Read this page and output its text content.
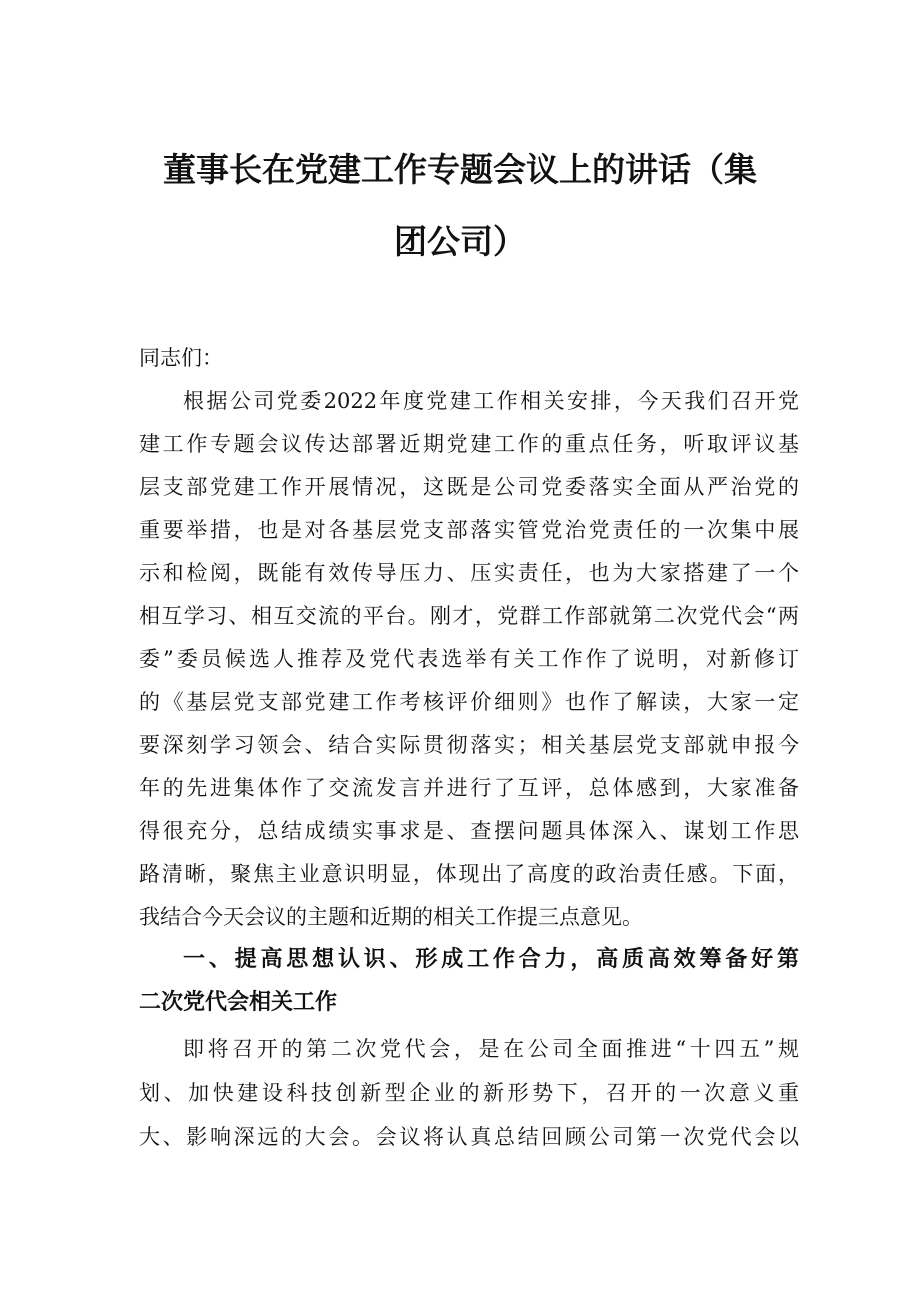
董事长在党建工作专题会议上的讲话（集
团公司）
同志们：
根据公司党委2022年度党建工作相关安排，今天我们召开党
建工作专题会议传达部署近期党建工作的重点任务，听取评议基
层支部党建工作开展情况，这既是公司党委落实全面从严治党的
重要举措，也是对各基层党支部落实管党治党责任的一次集中展
示和检阅，既能有效传导压力、压实责任，也为大家搭建了一个
相互学习、相互交流的平台。刚才，党群工作部就第二次党代会“两
委”委员候选人推荐及党代表选举有关工作作了说明，对新修订
的《基层党支部党建工作考核评价细则》也作了解读，大家一定
要深刻学习领会、结合实际贯彻落实；相关基层党支部就申报今
年的先进集体作了交流发言并进行了互评，总体感到，大家准备
得很充分，总结成绩实事求是、查摆问题具体深入、谋划工作思
路清晰，聚焦主业意识明显，体现出了高度的政治责任感。下面，
我结合今天会议的主题和近期的相关工作提三点意见。
一、提高思想认识、形成工作合力，高质高效筹备好第
二次党代会相关工作
即将召开的第二次党代会，是在公司全面推进“十四五”规
划、加快建设科技创新型企业的新形势下，召开的一次意义重
大、影响深远的大会。会议将认真总结回顾公司第一次党代会以
